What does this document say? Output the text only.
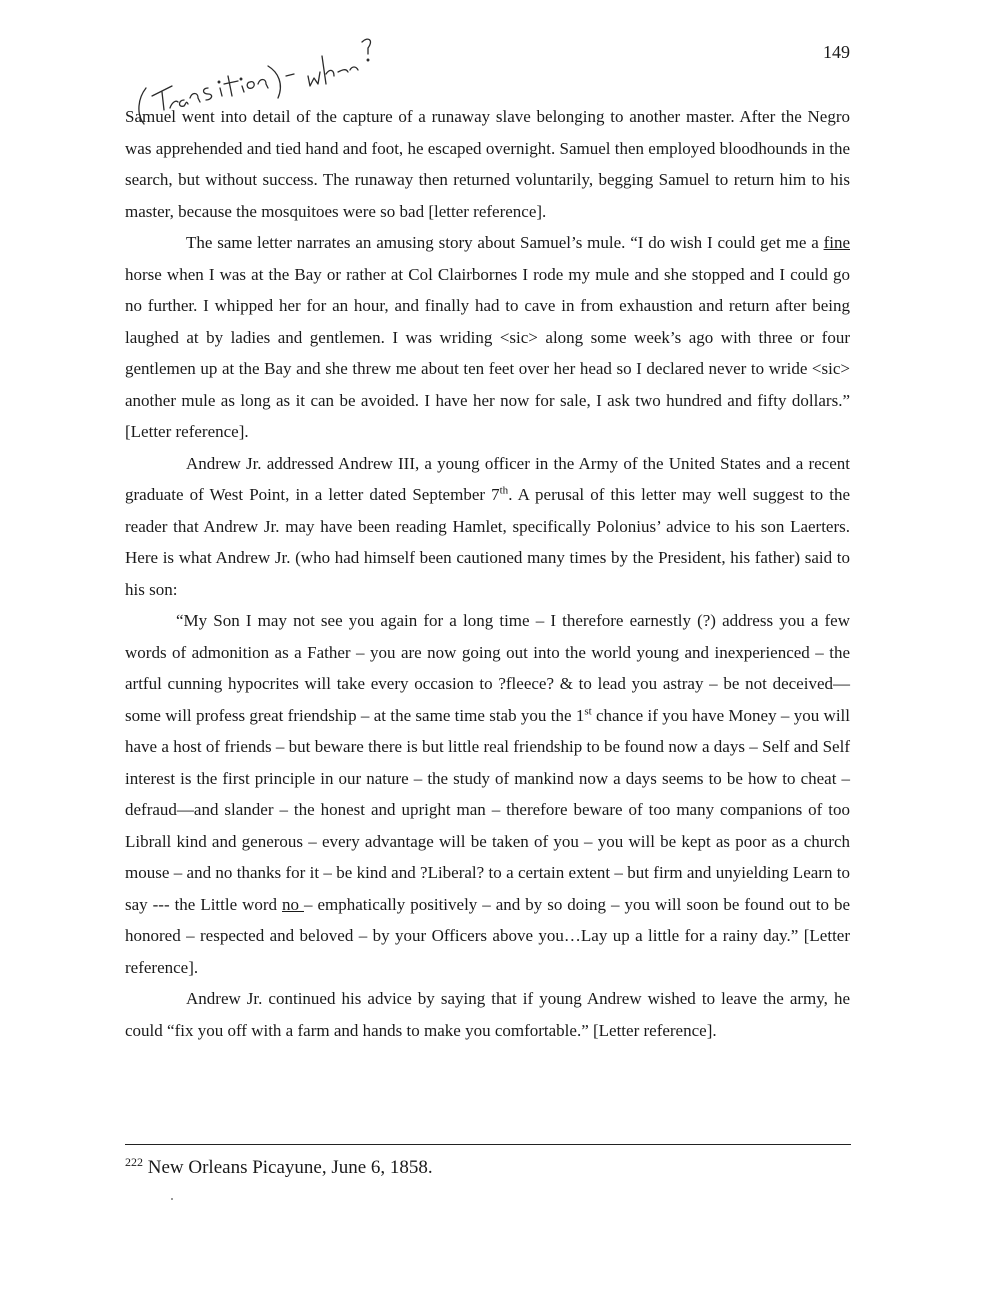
149

Samuel went into detail of the capture of a runaway slave belonging to another master. After the Negro was apprehended and tied hand and foot, he escaped overnight. Samuel then employed bloodhounds in the search, but without success. The runaway then returned voluntarily, begging Samuel to return him to his master, because the mosquitoes were so bad [letter reference].

The same letter narrates an amusing story about Samuel’s mule. “I do wish I could get me a fine horse when I was at the Bay or rather at Col Clairbornes I rode my mule and she stopped and I could go no further. I whipped her for an hour, and finally had to cave in from exhaustion and return after being laughed at by ladies and gentlemen. I was wriding <sic> along some week’s ago with three or four gentlemen up at the Bay and she threw me about ten feet over her head so I declared never to wride <sic> another mule as long as it can be avoided. I have her now for sale, I ask two hundred and fifty dollars.” [Letter reference].

Andrew Jr. addressed Andrew III, a young officer in the Army of the United States and a recent graduate of West Point, in a letter dated September 7th. A perusal of this letter may well suggest to the reader that Andrew Jr. may have been reading Hamlet, specifically Polonius’ advice to his son Laerters. Here is what Andrew Jr. (who had himself been cautioned many times by the President, his father) said to his son:

“My Son I may not see you again for a long time – I therefore earnestly (?) address you a few words of admonition as a Father – you are now going out into the world young and inexperienced – the artful cunning hypocrites will take every occasion to ?fleece? & to lead you astray – be not deceived—some will profess great friendship – at the same time stab you the 1st chance if you have Money – you will have a host of friends – but beware there is but little real friendship to be found now a days – Self and Self interest is the first principle in our nature – the study of mankind now a days seems to be how to cheat – defraud—and slander – the honest and upright man – therefore beware of too many companions of too Librall kind and generous – every advantage will be taken of you – you will be kept as poor as a church mouse – and no thanks for it – be kind and ?Liberal? to a certain extent – but firm and unyielding Learn to say --- the Little word no – emphatically positively – and by so doing – you will soon be found out to be honored – respected and beloved – by your Officers above you…Lay up a little for a rainy day.” [Letter reference].

Andrew Jr. continued his advice by saying that if young Andrew wished to leave the army, he could “fix you off with a farm and hands to make you comfortable.” [Letter reference].

$^{222}$ New Orleans Picayune, June 6, 1858.
